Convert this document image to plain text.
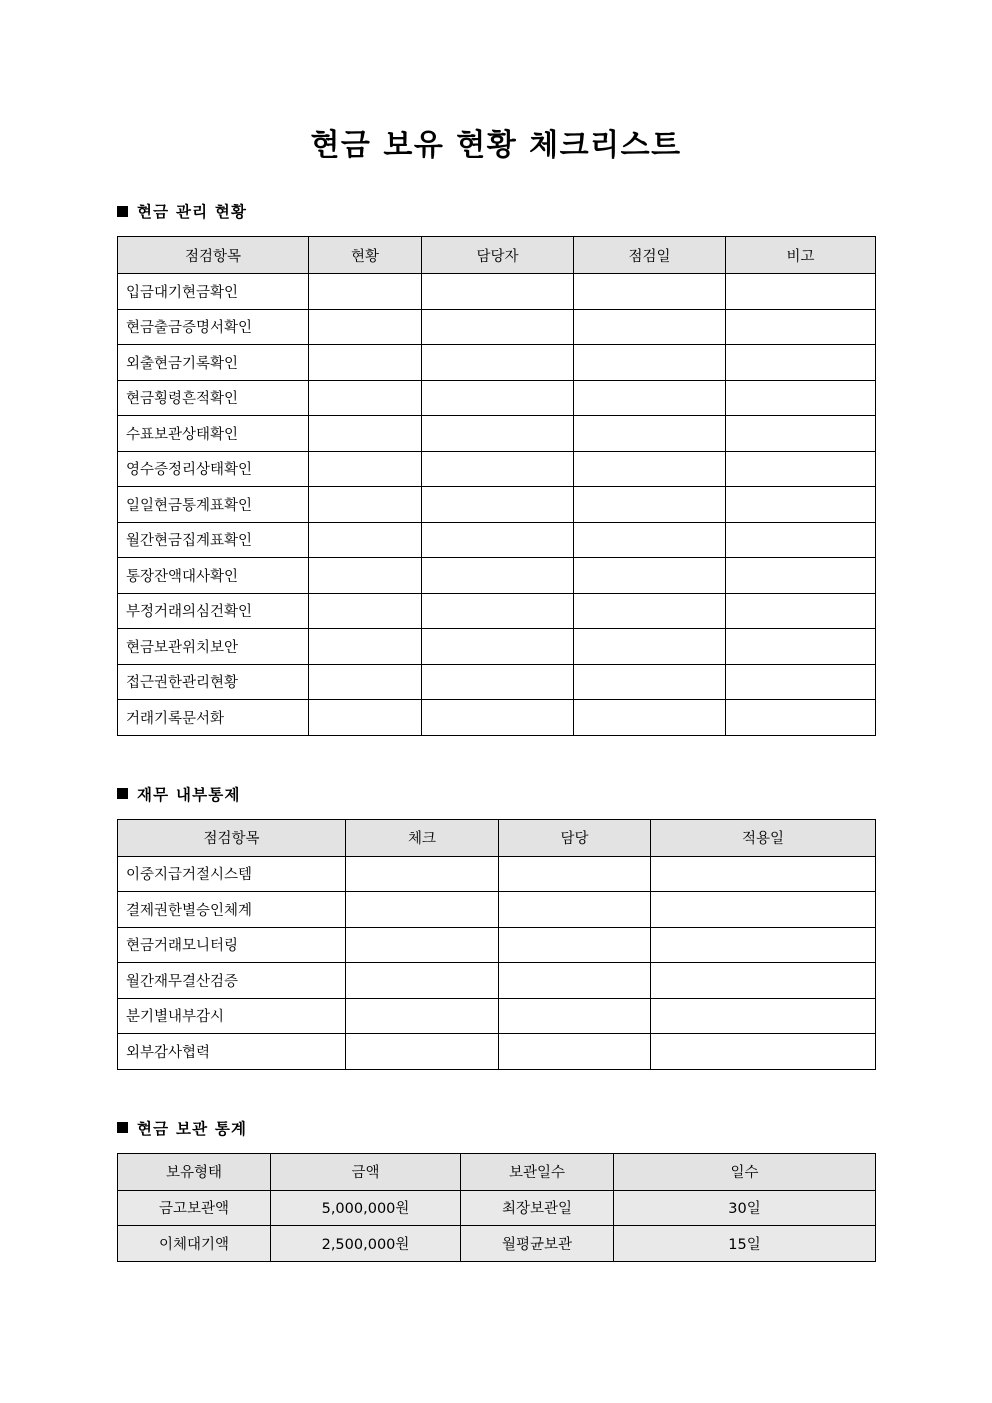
현금 보유 현황 체크리스트
현금 관리 현황
점검항목	현황	담당자	점검일	비고
입금대기현금확인				
현금출금증명서확인				
외출현금기록확인				
현금횡령흔적확인				
수표보관상태확인				
영수증정리상태확인				
일일현금통계표확인				
월간현금집계표확인				
통장잔액대사확인				
부정거래의심건확인				
현금보관위치보안				
접근권한관리현황				
거래기록문서화				
재무 내부통제
점검항목	체크	담당	적용일
이중지급거절시스템			
결제권한별승인체계			
현금거래모니터링			
월간재무결산검증			
분기별내부감시			
외부감사협력			
현금 보관 통계
보유형태	금액	보관일수	일수
금고보관액	5,000,000원	최장보관일	30일
이체대기액	2,500,000원	월평균보관	15일
